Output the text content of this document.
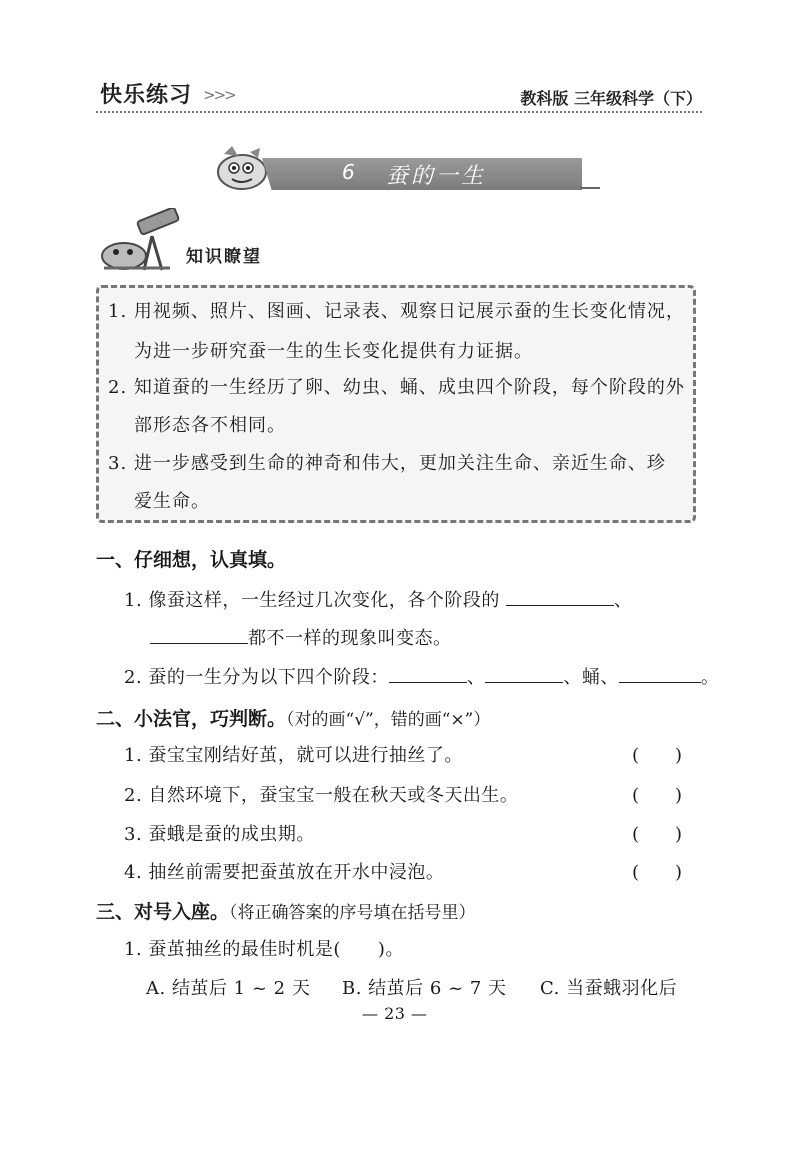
快乐练习 >>>	教科版 三年级科学（下）
6 蚕的一生
知识瞭望
1. 用视频、照片、图画、记录表、观察日记展示蚕的生长变化情况，
为进一步研究蚕一生的生长变化提供有力证据。
2. 知道蚕的一生经历了卵、幼虫、蛹、成虫四个阶段，每个阶段的外
部形态各不相同。
3. 进一步感受到生命的神奇和伟大，更加关注生命、亲近生命、珍
爱生命。
一、仔细想，认真填。
1. 像蚕这样，一生经过几次变化，各个阶段的	、
都不一样的现象叫变态。
2. 蚕的一生分为以下四个阶段：	、	、蛹、	。
二、小法官，巧判断。（对的画“√”，错的画“×”）
1. 蚕宝宝刚结好茧，就可以进行抽丝了。	(　　)
2. 自然环境下，蚕宝宝一般在秋天或冬天出生。	(　　)
3. 蚕蛾是蚕的成虫期。	(　　)
4. 抽丝前需要把蚕茧放在开水中浸泡。	(　　)
三、对号入座。（将正确答案的序号填在括号里）
1. 蚕茧抽丝的最佳时机是(　　)。
A. 结茧后 1 ~ 2 天 B. 结茧后 6 ~ 7 天 C. 当蚕蛾羽化后
— 23 —
